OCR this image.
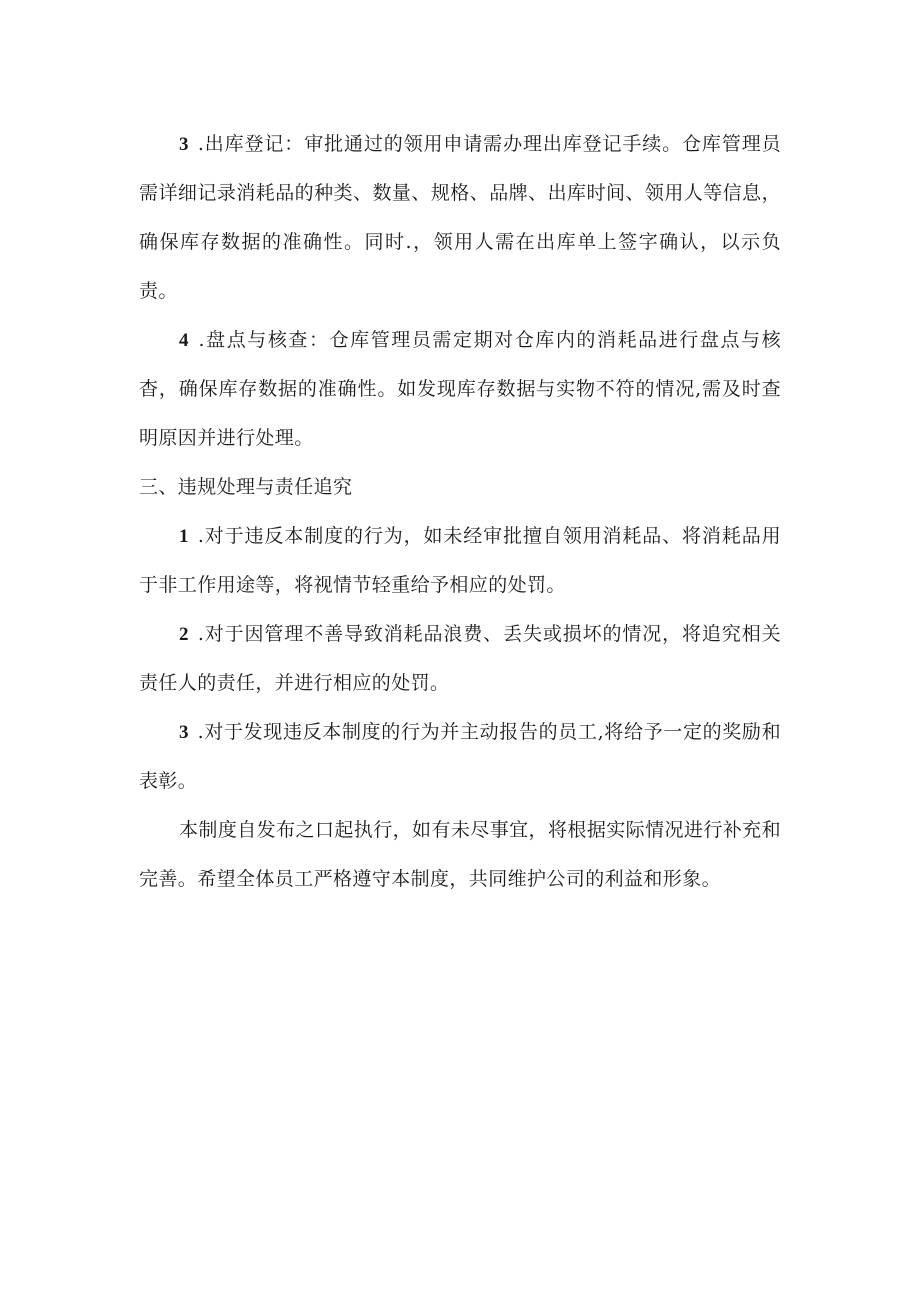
3 .出库登记：审批通过的领用申请需办理出库登记手续。仓库管理员需详细记录消耗品的种类、数量、规格、品牌、出库时间、领用人等信息，确保库存数据的准确性。同时.，领用人需在出库单上签字确认，以示负责。

4 .盘点与核查：仓库管理员需定期对仓库内的消耗品进行盘点与核杳，确保库存数据的准确性。如发现库存数据与实物不符的情况,需及时查明原因并进行处理。

三、违规处理与责任追究

1 .对于违反本制度的行为，如未经审批擅自领用消耗品、将消耗品用于非工作用途等，将视情节轻重给予相应的处罚。

2 .对于因管理不善导致消耗品浪费、丢失或损坏的情况，将追究相关责任人的责任，并进行相应的处罚。

3 .对于发现违反本制度的行为并主动报告的员工,将给予一定的奖励和表彰。

本制度自发布之口起执行，如有未尽事宜，将根据实际情况进行补充和完善。希望全体员工严格遵守本制度，共同维护公司的利益和形象。
